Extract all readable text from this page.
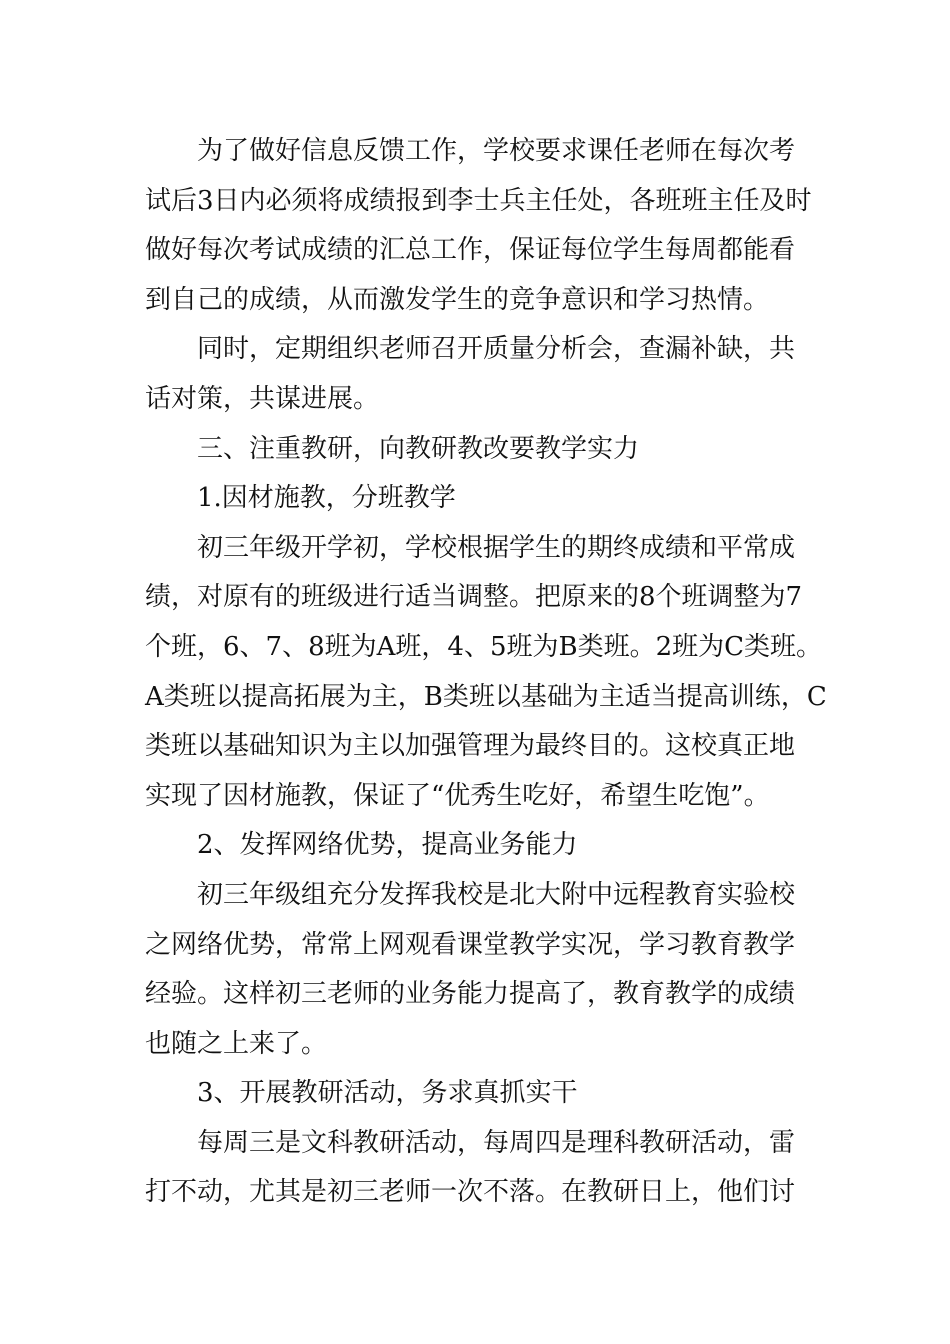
为了做好信息反馈工作，学校要求课任老师在每次考
试后3日内必须将成绩报到李士兵主任处，各班班主任及时
做好每次考试成绩的汇总工作，保证每位学生每周都能看
到自己的成绩，从而激发学生的竞争意识和学习热情。
同时，定期组织老师召开质量分析会，查漏补缺，共
话对策，共谋进展。
三、注重教研，向教研教改要教学实力
1.因材施教，分班教学
初三年级开学初，学校根据学生的期终成绩和平常成
绩，对原有的班级进行适当调整。把原来的8个班调整为7
个班，6、7、8班为A班，4、5班为B类班。2班为C类班。
A类班以提高拓展为主，B类班以基础为主适当提高训练，C
类班以基础知识为主以加强管理为最终目的。这校真正地
实现了因材施教，保证了“优秀生吃好，希望生吃饱”。
2、发挥网络优势，提高业务能力
初三年级组充分发挥我校是北大附中远程教育实验校
之网络优势，常常上网观看课堂教学实况，学习教育教学
经验。这样初三老师的业务能力提高了，教育教学的成绩
也随之上来了。
3、开展教研活动，务求真抓实干
每周三是文科教研活动，每周四是理科教研活动，雷
打不动，尤其是初三老师一次不落。在教研日上，他们讨
